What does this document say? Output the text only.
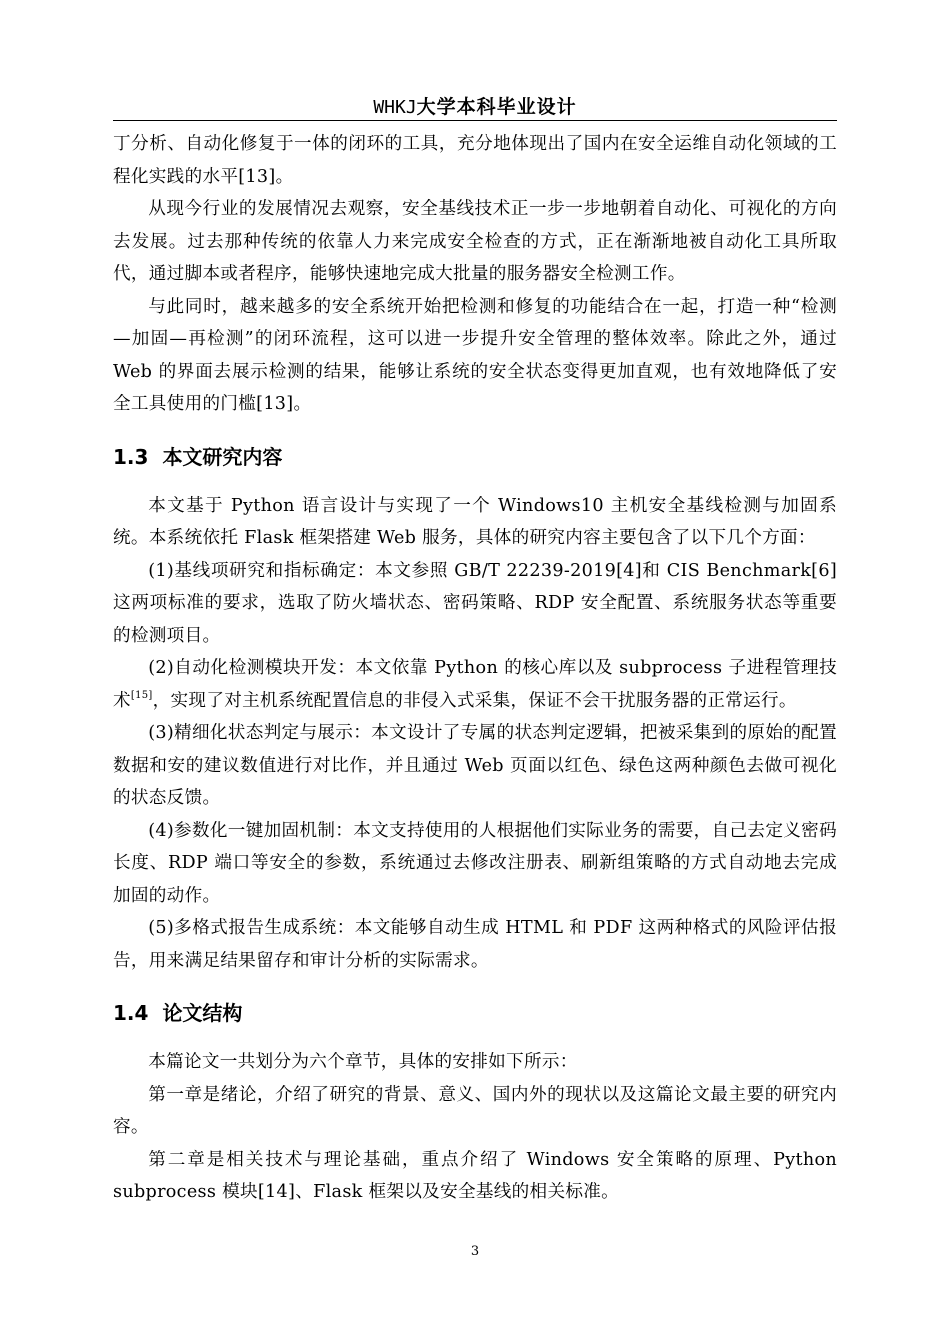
WHKJ大学本科毕业设计

丁分析、自动化修复于一体的闭环的工具，充分地体现出了国内在安全运维自动化领域的工程化实践的水平[13]。

从现今行业的发展情况去观察，安全基线技术正一步一步地朝着自动化、可视化的方向去发展。过去那种传统的依靠人力来完成安全检查的方式，正在渐渐地被自动化工具所取代，通过脚本或者程序，能够快速地完成大批量的服务器安全检测工作。

与此同时，越来越多的安全系统开始把检测和修复的功能结合在一起，打造一种“检测—加固—再检测”的闭环流程，这可以进一步提升安全管理的整体效率。除此之外，通过 Web 的界面去展示检测的结果，能够让系统的安全状态变得更加直观，也有效地降低了安全工具使用的门槛[13]。

1.3 本文研究内容

本文基于 Python 语言设计与实现了一个 Windows10 主机安全基线检测与加固系统。本系统依托 Flask 框架搭建 Web 服务，具体的研究内容主要包含了以下几个方面：

(1)基线项研究和指标确定：本文参照 GB/T 22239-2019[4]和 CIS Benchmark[6]这两项标准的要求，选取了防火墙状态、密码策略、RDP 安全配置、系统服务状态等重要的检测项目。

(2)自动化检测模块开发：本文依靠 Python 的核心库以及 subprocess 子进程管理技术[15]，实现了对主机系统配置信息的非侵入式采集，保证不会干扰服务器的正常运行。

(3)精细化状态判定与展示：本文设计了专属的状态判定逻辑，把被采集到的原始的配置数据和安的建议数值进行对比作，并且通过 Web 页面以红色、绿色这两种颜色去做可视化的状态反馈。

(4)参数化一键加固机制：本文支持使用的人根据他们实际业务的需要，自己去定义密码长度、RDP 端口等安全的参数，系统通过去修改注册表、刷新组策略的方式自动地去完成加固的动作。

(5)多格式报告生成系统：本文能够自动生成 HTML 和 PDF 这两种格式的风险评估报告，用来满足结果留存和审计分析的实际需求。

1.4 论文结构

本篇论文一共划分为六个章节，具体的安排如下所示：

第一章是绪论，介绍了研究的背景、意义、国内外的现状以及这篇论文最主要的研究内容。

第二章是相关技术与理论基础，重点介绍了 Windows 安全策略的原理、Python subprocess 模块[14]、Flask 框架以及安全基线的相关标准。

3
